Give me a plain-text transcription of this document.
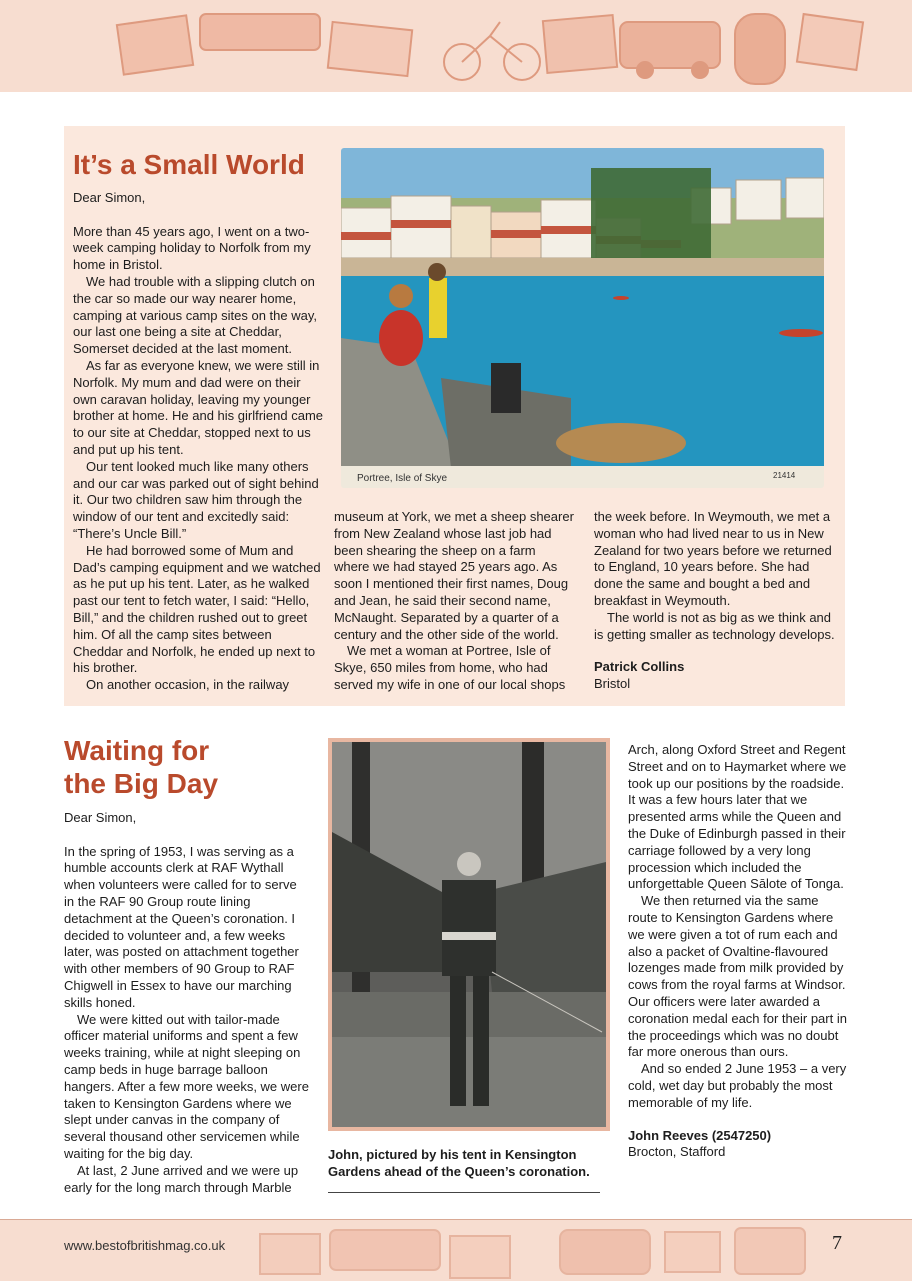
It’s a Small World

Dear Simon,

More than 45 years ago, I went on a two-week camping holiday to Norfolk from my home in Bristol.

We had trouble with a slipping clutch on the car so made our way nearer home, camping at various camp sites on the way, our last one being a site at Cheddar, Somerset decided at the last moment.

As far as everyone knew, we were still in Norfolk. My mum and dad were on their own caravan holiday, leaving my younger brother at home. He and his girlfriend came to our site at Cheddar, stopped next to us and put up his tent.

Our tent looked much like many others and our car was parked out of sight behind it. Our two children saw him through the window of our tent and excitedly said: “There’s Uncle Bill.”

He had borrowed some of Mum and Dad’s camping equipment and we watched as he put up his tent. Later, as he walked past our tent to fetch water, I said: “Hello, Bill,” and the children rushed out to greet him. Of all the camp sites between Cheddar and Norfolk, he ended up next to his brother.

On another occasion, in the railway

museum at York, we met a sheep shearer from New Zealand whose last job had been shearing the sheep on a farm where we had stayed 25 years ago. As soon I mentioned their first names, Doug and Jean, he said their second name, McNaught. Separated by a quarter of a century and the other side of the world.

We met a woman at Portree, Isle of Skye, 650 miles from home, who had served my wife in one of our local shops

the week before. In Weymouth, we met a woman who had lived near to us in New Zealand for two years before we returned to England, 10 years before. She had done the same and bought a bed and breakfast in Weymouth.

The world is not as big as we think and is getting smaller as technology develops.

Patrick Collins

Bristol

Portree, Isle of Skye	21414
Waiting for
the Big Day

Dear Simon,

In the spring of 1953, I was serving as a humble accounts clerk at RAF Wythall when volunteers were called for to serve in the RAF 90 Group route lining detachment at the Queen’s coronation. I decided to volunteer and, a few weeks later, was posted on attachment together with other members of 90 Group to RAF Chigwell in Essex to have our marching skills honed.

We were kitted out with tailor-made officer material uniforms and spent a few weeks training, while at night sleeping on camp beds in huge barrage balloon hangers. After a few more weeks, we were taken to Kensington Gardens where we slept under canvas in the company of several thousand other servicemen while waiting for the big day.

At last, 2 June arrived and we were up early for the long march through Marble

John, pictured by his tent in Kensington Gardens ahead of the Queen’s coronation.

Arch, along Oxford Street and Regent Street and on to Haymarket where we took up our positions by the roadside. It was a few hours later that we presented arms while the Queen and the Duke of Edinburgh passed in their carriage followed by a very long procession which included the unforgettable Queen Sālote of Tonga.

We then returned via the same route to Kensington Gardens where we were given a tot of rum each and also a packet of Ovaltine-flavoured lozenges made from milk provided by cows from the royal farms at Windsor. Our officers were later awarded a coronation medal each for their part in the proceedings which was no doubt far more onerous than ours.

And so ended 2 June 1953 – a very cold, wet day but probably the most memorable of my life.

John Reeves (2547250)

Brocton, Stafford

www.bestofbritishmag.co.uk	7
